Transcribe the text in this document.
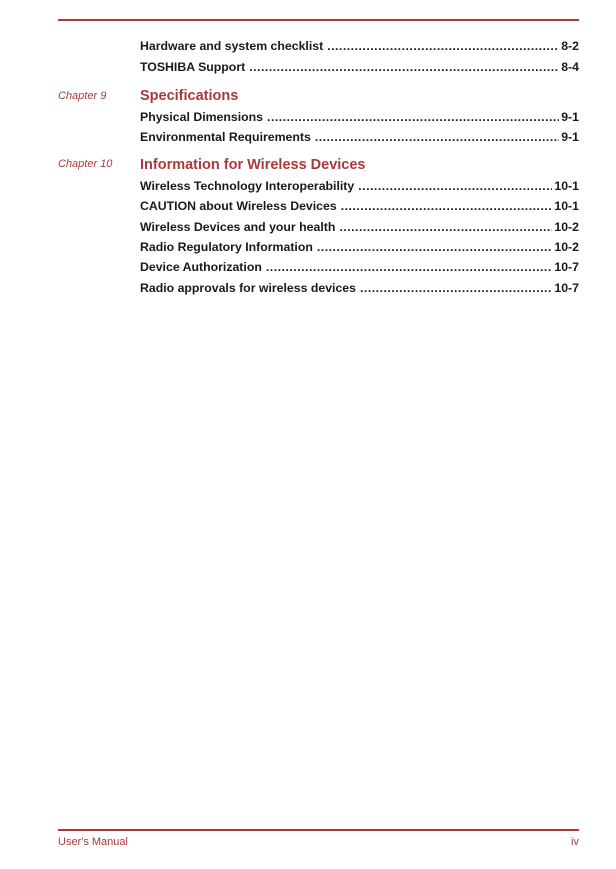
Hardware and system checklist .....	8-2
TOSHIBA Support .....	8-4
Chapter 9 Specifications
Physical Dimensions .....	9-1
Environmental Requirements .....	9-1
Chapter 10 Information for Wireless Devices
Wireless Technology Interoperability .....	10-1
CAUTION about Wireless Devices .....	10-1
Wireless Devices and your health .....	10-2
Radio Regulatory Information .....	10-2
Device Authorization .....	10-7
Radio approvals for wireless devices .....	10-7
User's Manual	iv
